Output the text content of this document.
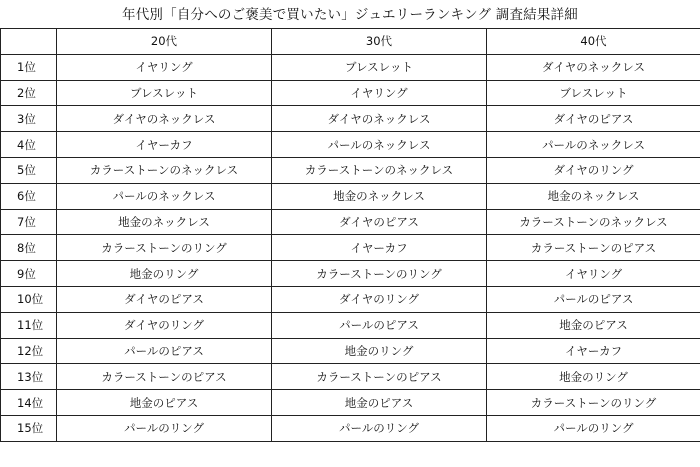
年代別「自分へのご褒美で買いたい」ジュエリーランキング 調査結果詳細
	20代	30代	40代
1位	イヤリング	ブレスレット	ダイヤのネックレス
2位	ブレスレット	イヤリング	ブレスレット
3位	ダイヤのネックレス	ダイヤのネックレス	ダイヤのピアス
4位	イヤーカフ	パールのネックレス	パールのネックレス
5位	カラーストーンのネックレス	カラーストーンのネックレス	ダイヤのリング
6位	パールのネックレス	地金のネックレス	地金のネックレス
7位	地金のネックレス	ダイヤのピアス	カラーストーンのネックレス
8位	カラーストーンのリング	イヤーカフ	カラーストーンのピアス
9位	地金のリング	カラーストーンのリング	イヤリング
10位	ダイヤのピアス	ダイヤのリング	パールのピアス
11位	ダイヤのリング	パールのピアス	地金のピアス
12位	パールのピアス	地金のリング	イヤーカフ
13位	カラーストーンのピアス	カラーストーンのピアス	地金のリング
14位	地金のピアス	地金のピアス	カラーストーンのリング
15位	パールのリング	パールのリング	パールのリング
